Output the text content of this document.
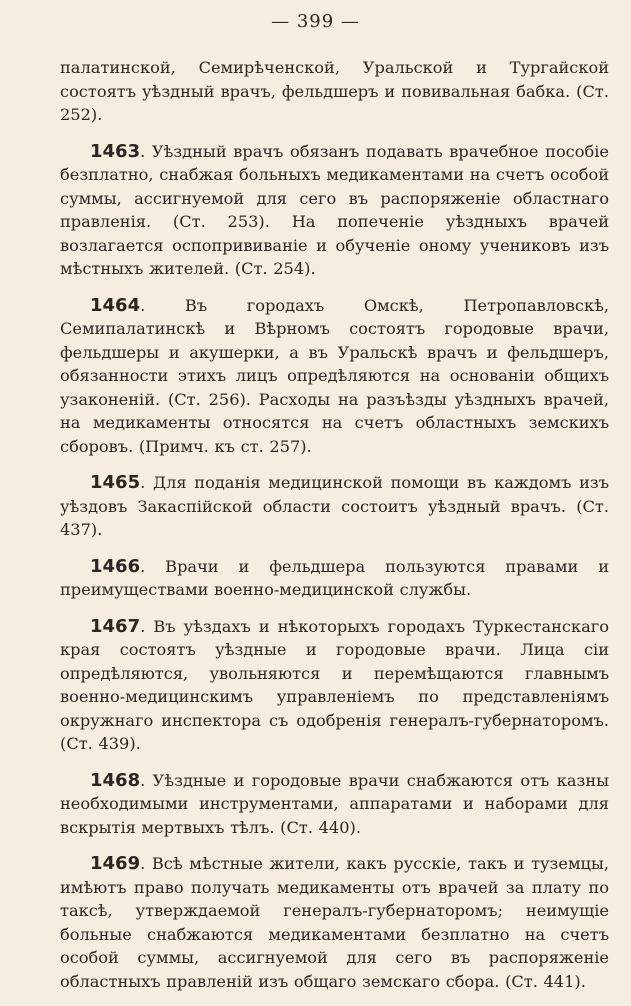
— 399 —

палатинской, Семирѣченской, Уральской и Тургайской состоятъ уѣздный врачъ, фельдшеръ и повивальная бабка. (Ст. 252).

1463. Уѣздный врачъ обязанъ подавать врачебное пособіе безплатно, снабжая больныхъ медикаментами на счетъ особой суммы, ассигнуемой для сего въ распоряженіе областнаго правленія. (Ст. 253). На попеченіе уѣздныхъ врачей возлагается оспопрививаніе и обученіе оному учениковъ изъ мѣстныхъ жителей. (Ст. 254).

1464. Въ городахъ Омскѣ, Петропавловскѣ, Семипалатинскѣ и Вѣрномъ состоятъ городовые врачи, фельдшеры и акушерки, а въ Уральскѣ врачъ и фельдшеръ, обязанности этихъ лицъ опредѣляются на основаніи общихъ узаконеній. (Ст. 256). Расходы на разъѣзды уѣздныхъ врачей, на медикаменты относятся на счетъ областныхъ земскихъ сборовъ. (Примч. къ ст. 257).

1465. Для поданія медицинской помощи въ каждомъ изъ уѣздовъ Закаспійской области состоитъ уѣздный врачъ. (Ст. 437).

1466. Врачи и фельдшера пользуются правами и преимуществами военно-медицинской службы.

1467. Въ уѣздахъ и нѣкоторыхъ городахъ Туркестанскаго края состоятъ уѣздные и городовые врачи. Лица сіи опредѣляются, увольняются и перемѣщаются главнымъ военно-медицинскимъ управленіемъ по представленіямъ окружнаго инспектора съ одобренія генералъ-губернаторомъ. (Ст. 439).

1468. Уѣздные и городовые врачи снабжаются отъ казны необходимыми инструментами, аппаратами и наборами для вскрытія мертвыхъ тѣлъ. (Ст. 440).

1469. Всѣ мѣстные жители, какъ русскіе, такъ и туземцы, имѣютъ право получать медикаменты отъ врачей за плату по таксѣ, утверждаемой генералъ-губернаторомъ; неимущіе больные снабжаются медикаментами безплатно на счетъ особой суммы, ассигнуемой для сего въ распоряженіе областныхъ правленій изъ общаго земскаго сбора. (Ст. 441).
